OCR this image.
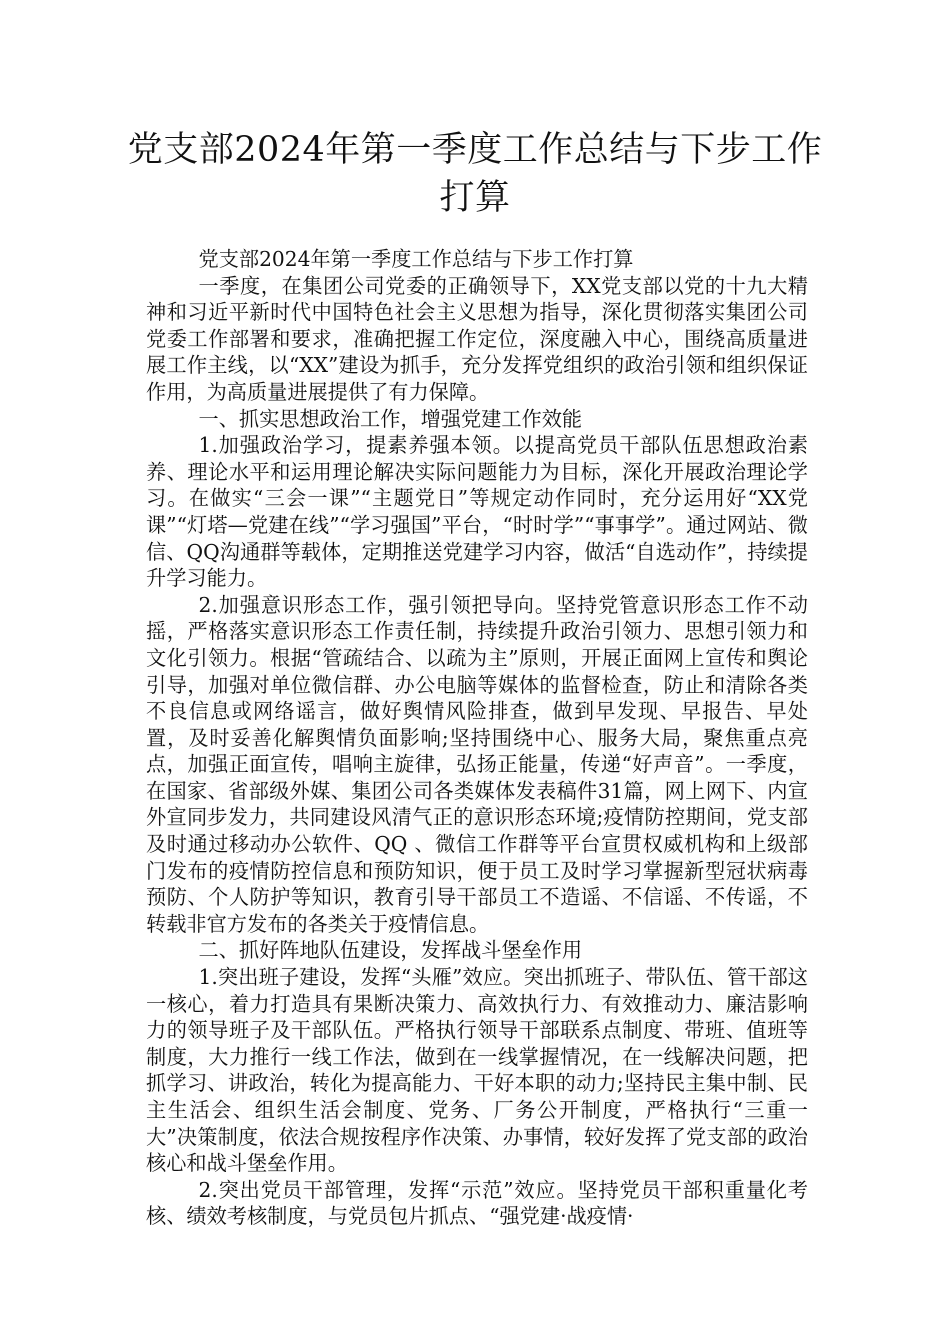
党支部2024年第一季度工作总结与下步工作打算

党支部2024年第一季度工作总结与下步工作打算

一季度，在集团公司党委的正确领导下，XX党支部以党的十九大精神和习近平新时代中国特色社会主义思想为指导，深化贯彻落实集团公司党委工作部署和要求，准确把握工作定位，深度融入中心，围绕高质量进展工作主线，以“XX”建设为抓手，充分发挥党组织的政治引领和组织保证作用，为高质量进展提供了有力保障。

一、抓实思想政治工作，增强党建工作效能

1.加强政治学习，提素养强本领。以提高党员干部队伍思想政治素养、理论水平和运用理论解决实际问题能力为目标，深化开展政治理论学习。在做实“三会一课”“主题党日”等规定动作同时，充分运用好“XX党课”“灯塔—党建在线”“学习强国”平台，“时时学”“事事学”。通过网站、微信、QQ沟通群等载体，定期推送党建学习内容，做活“自选动作”，持续提升学习能力。

2.加强意识形态工作，强引领把导向。坚持党管意识形态工作不动摇，严格落实意识形态工作责任制，持续提升政治引领力、思想引领力和文化引领力。根据“管疏结合、以疏为主”原则，开展正面网上宣传和舆论引导，加强对单位微信群、办公电脑等媒体的监督检查，防止和清除各类不良信息或网络谣言，做好舆情风险排查，做到早发现、早报告、早处置，及时妥善化解舆情负面影响;坚持围绕中心、服务大局，聚焦重点亮点，加强正面宣传，唱响主旋律，弘扬正能量，传递“好声音”。一季度，在国家、省部级外媒、集团公司各类媒体发表稿件31篇，网上网下、内宣外宣同步发力，共同建设风清气正的意识形态环境;疫情防控期间，党支部及时通过移动办公软件、QQ 、微信工作群等平台宣贯权威机构和上级部门发布的疫情防控信息和预防知识，便于员工及时学习掌握新型冠状病毒预防、个人防护等知识，教育引导干部员工不造谣、不信谣、不传谣，不转载非官方发布的各类关于疫情信息。

二、抓好阵地队伍建设，发挥战斗堡垒作用

1.突出班子建设，发挥“头雁”效应。突出抓班子、带队伍、管干部这一核心，着力打造具有果断决策力、高效执行力、有效推动力、廉洁影响力的领导班子及干部队伍。严格执行领导干部联系点制度、带班、值班等制度，大力推行一线工作法，做到在一线掌握情况，在一线解决问题，把抓学习、讲政治，转化为提高能力、干好本职的动力;坚持民主集中制、民主生活会、组织生活会制度、党务、厂务公开制度，严格执行“三重一大”决策制度，依法合规按程序作决策、办事情，较好发挥了党支部的政治核心和战斗堡垒作用。

2.突出党员干部管理，发挥“示范”效应。坚持党员干部积重量化考核、绩效考核制度，与党员包片抓点、“强党建·战疫情·
